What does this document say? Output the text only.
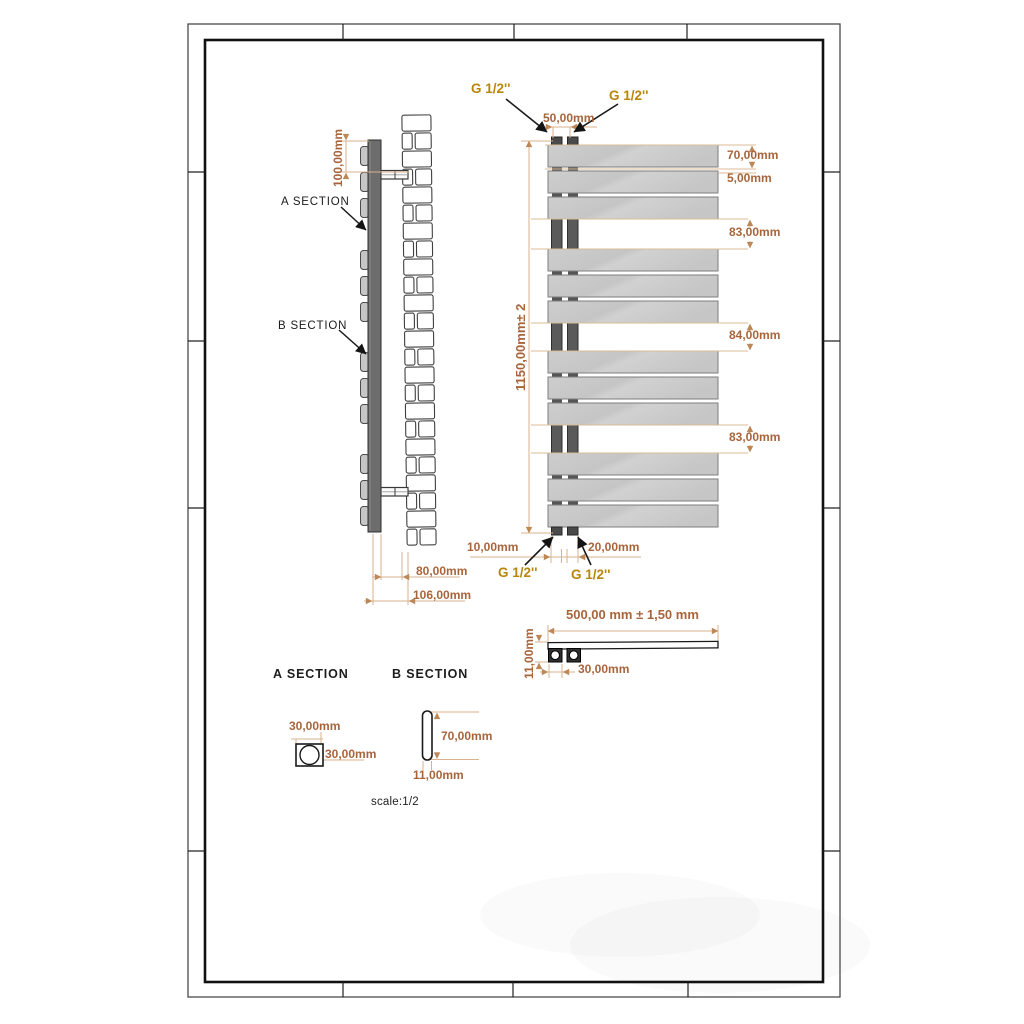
G 1/2''	G 1/2''
50,00mm
70,00mm
5,00mm
83,00mm
84,00mm
83,00mm
1150,00mm± 2
10,00mm	20,00mm
G 1/2'' G 1/2''
A SECTION
B SECTION
100,00mm
80,00mm
106,00mm
500,00 mm ± 1,50 mm
11,00mm	30,00mm
A SECTION	B SECTION
30,00mm
30,00mm
70,00mm
11,00mm
scale:1/2
